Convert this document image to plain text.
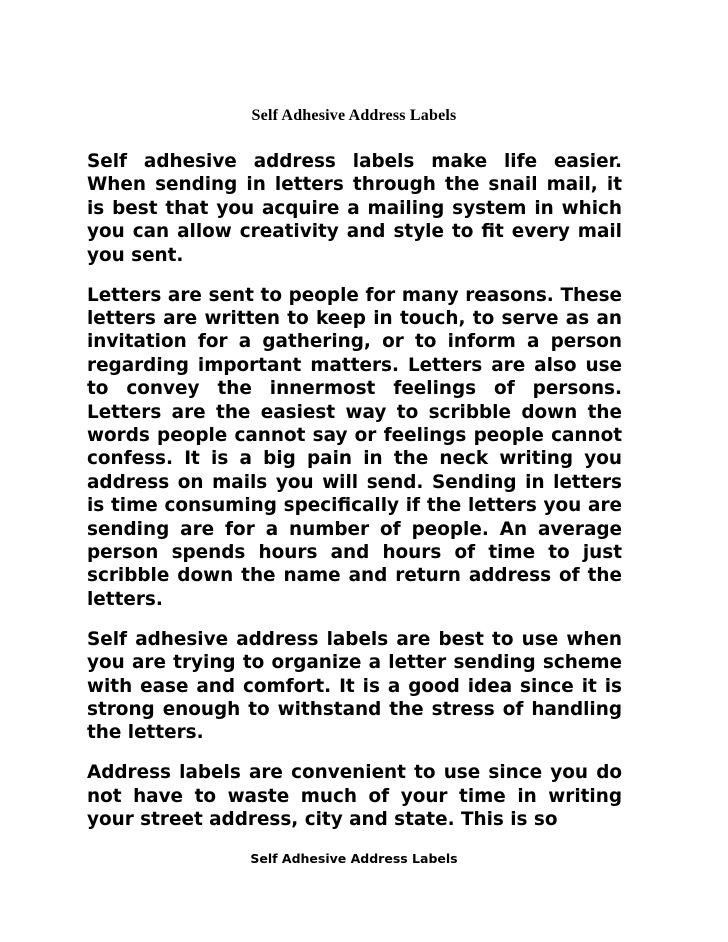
Self Adhesive Address Labels

Self adhesive address labels make life easier. When sending in letters through the snail mail, it is best that you acquire a mailing system in which you can allow creativity and style to fit every mail you sent.

Letters are sent to people for many reasons. These letters are written to keep in touch, to serve as an invitation for a gathering, or to inform a person regarding important matters. Letters are also use to convey the innermost feelings of persons. Letters are the easiest way to scribble down the words people cannot say or feelings people cannot confess. It is a big pain in the neck writing you address on mails you will send. Sending in letters is time consuming specifically if the letters you are sending are for a number of people. An average person spends hours and hours of time to just scribble down the name and return address of the letters.

Self adhesive address labels are best to use when you are trying to organize a letter sending scheme with ease and comfort. It is a good idea since it is strong enough to withstand the stress of handling the letters.

Address labels are convenient to use since you do not have to waste much of your time in writing your street address, city and state. This is so

Self Adhesive Address Labels
